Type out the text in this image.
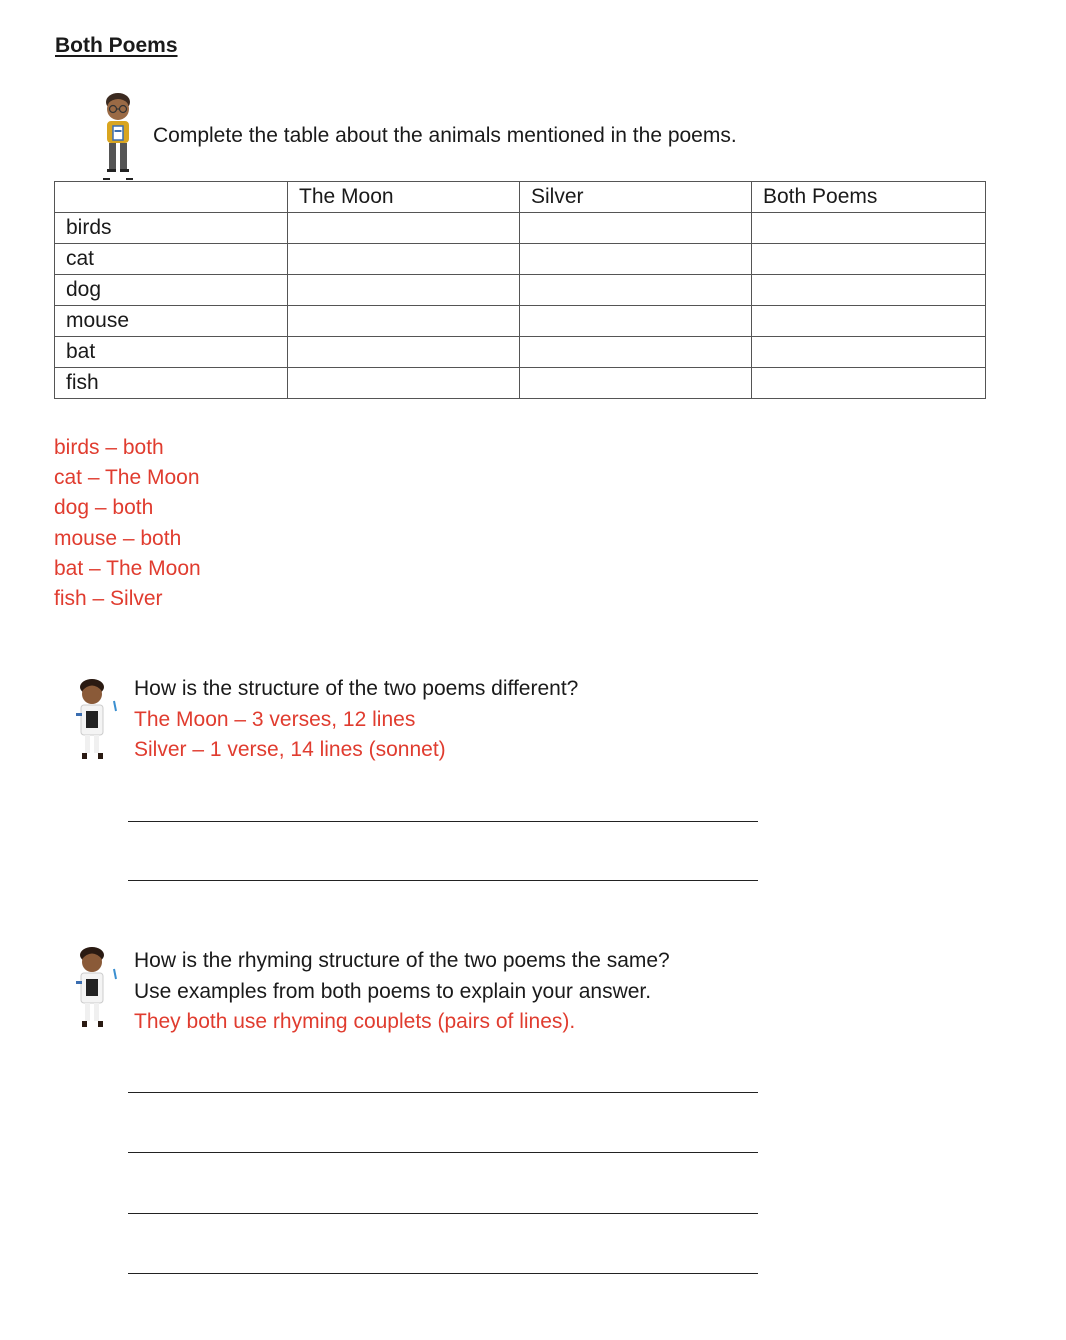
Both Poems
Complete the table about the animals mentioned in the poems.
	The Moon	Silver	Both Poems
birds			
cat			
dog			
mouse			
bat			
fish			
birds – both
cat – The Moon
dog – both
mouse – both
bat – The Moon
fish – Silver
How is the structure of the two poems different?
The Moon – 3 verses, 12 lines
Silver – 1 verse, 14 lines (sonnet)
How is the rhyming structure of the two poems the same?
Use examples from both poems to explain your answer.
They both use rhyming couplets (pairs of lines).
